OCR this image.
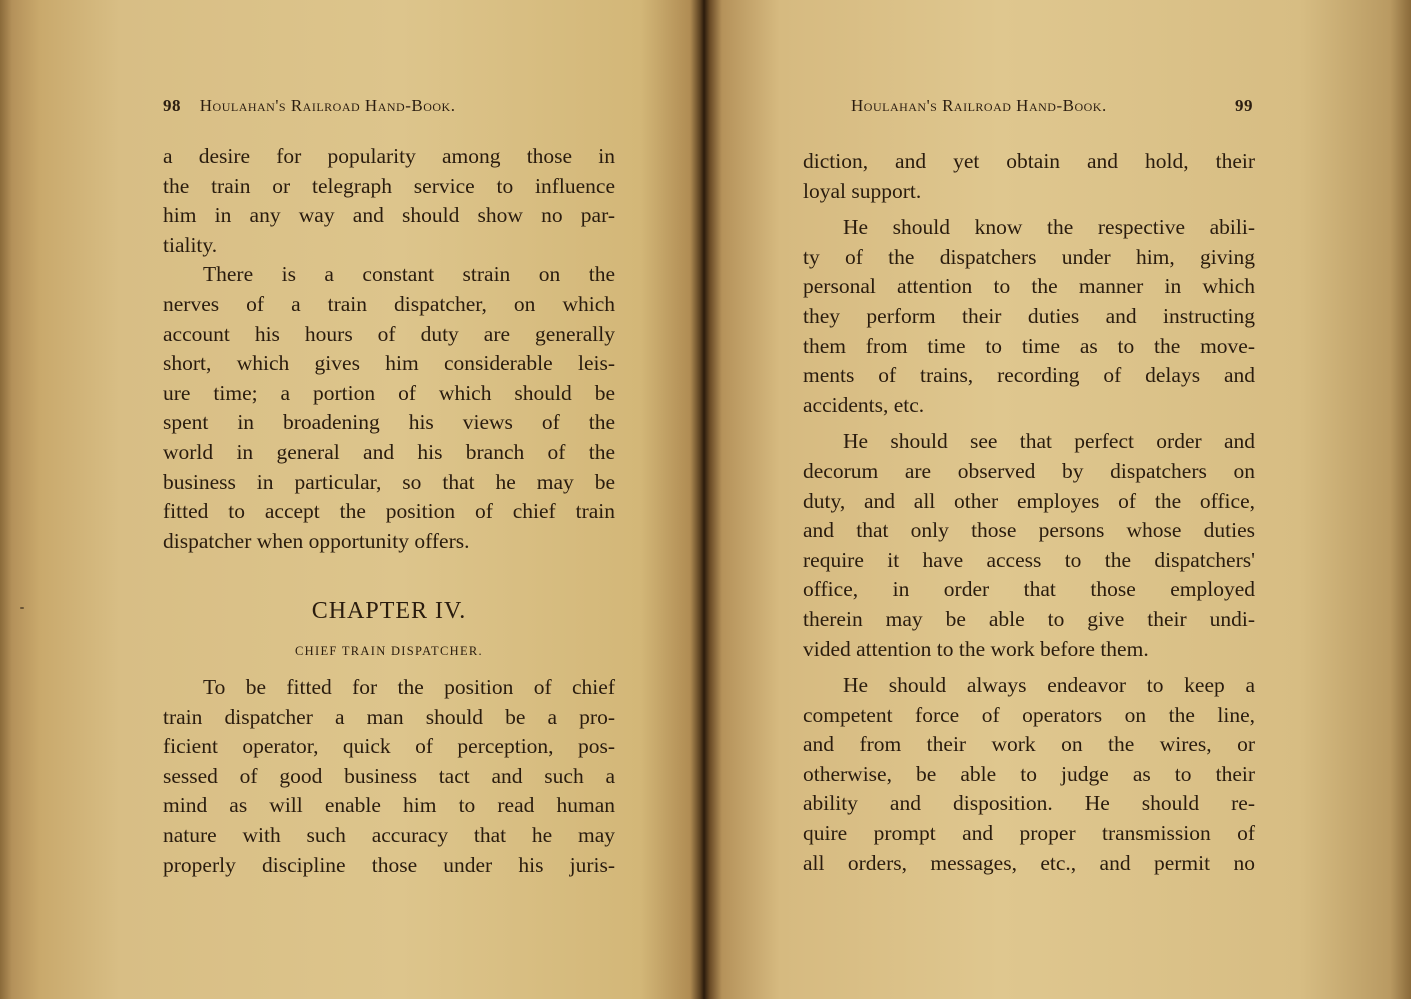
98 Houlahan's Railroad Hand-Book.
a desire for popularity among those in
the train or telegraph service to influence
him in any way and should show no par-
tiality.
There is a constant strain on the
nerves of a train dispatcher, on which
account his hours of duty are generally
short, which gives him considerable leis-
ure time; a portion of which should be
spent in broadening his views of the
world in general and his branch of the
business in particular, so that he may be
fitted to accept the position of chief train
dispatcher when opportunity offers.
CHAPTER IV.
CHIEF TRAIN DISPATCHER.
To be fitted for the position of chief
train dispatcher a man should be a pro-
ficient operator, quick of perception, pos-
sessed of good business tact and such a
mind as will enable him to read human
nature with such accuracy that he may
properly discipline those under his juris-
Houlahan's Railroad Hand-Book.	99
diction, and yet obtain and hold, their
loyal support.
He should know the respective abili-
ty of the dispatchers under him, giving
personal attention to the manner in which
they perform their duties and instructing
them from time to time as to the move-
ments of trains, recording of delays and
accidents, etc.
He should see that perfect order and
decorum are observed by dispatchers on
duty, and all other employes of the office,
and that only those persons whose duties
require it have access to the dispatchers'
office, in order that those employed
therein may be able to give their undi-
vided attention to the work before them.
He should always endeavor to keep a
competent force of operators on the line,
and from their work on the wires, or
otherwise, be able to judge as to their
ability and disposition. He should re-
quire prompt and proper transmission of
all orders, messages, etc., and permit no
